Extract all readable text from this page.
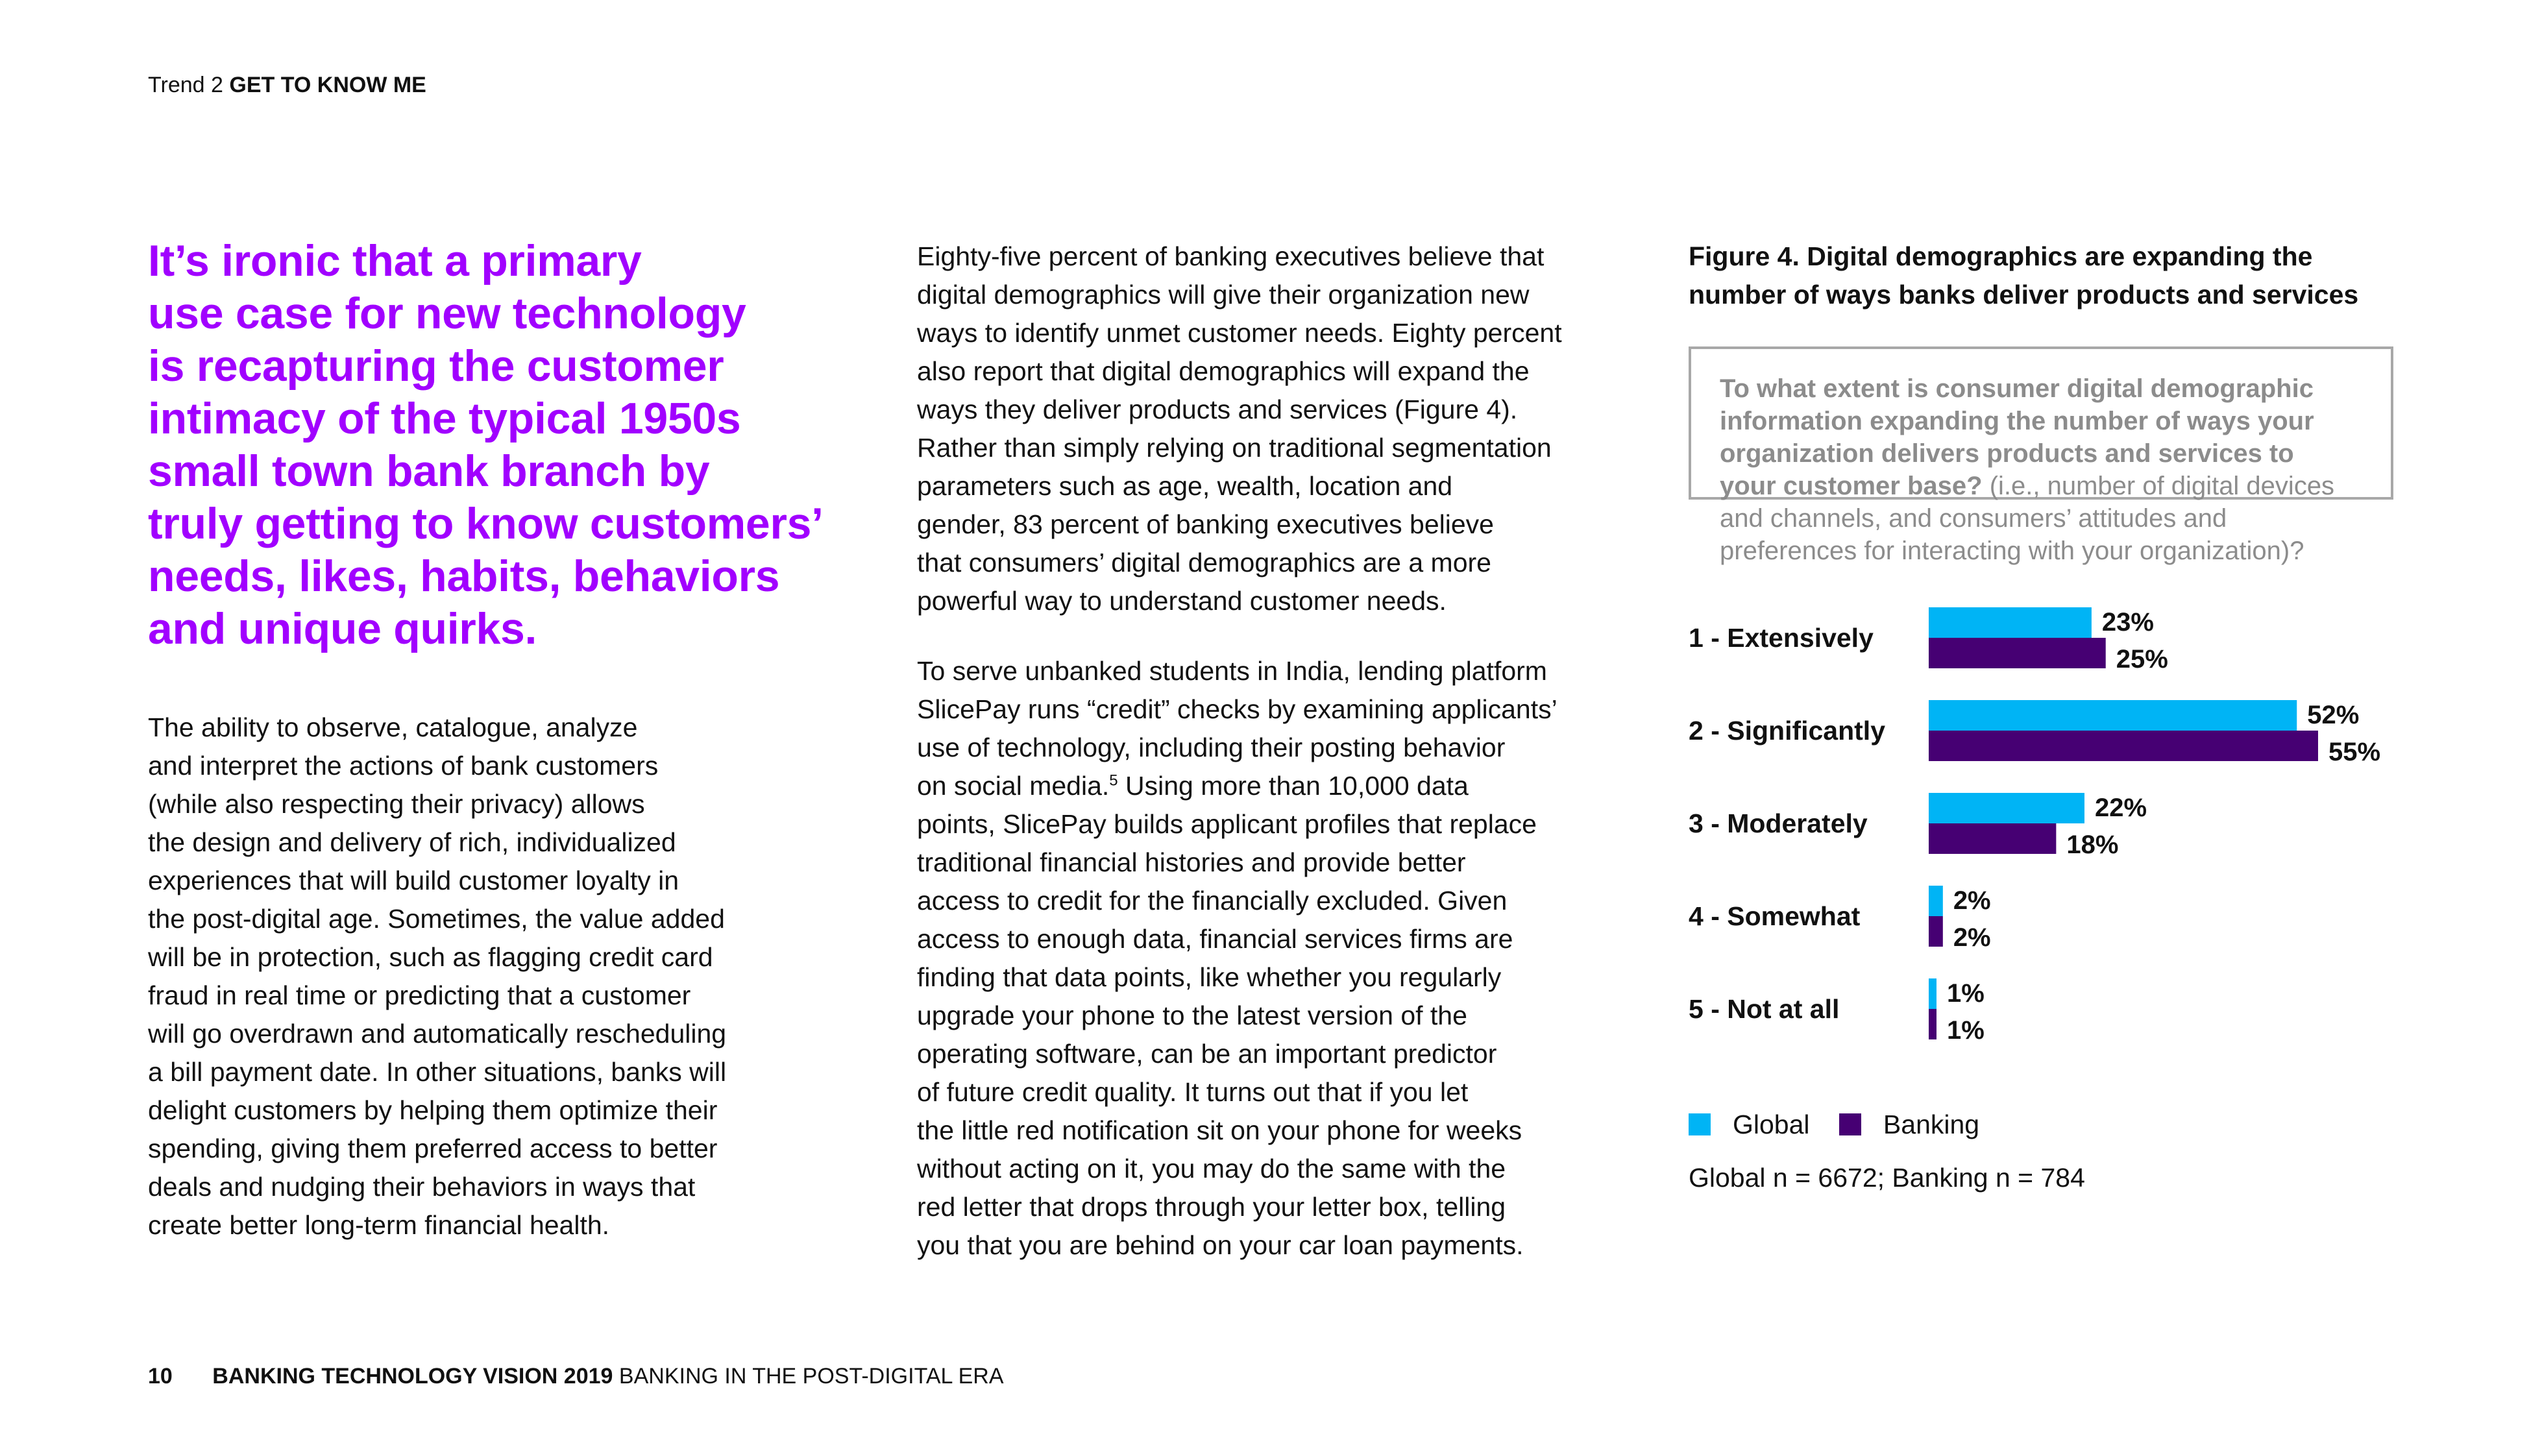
Trend 2 GET TO KNOW ME
It’s ironic that a primary
use case for new technology
is recapturing the customer
intimacy of the typical 1950s
small town bank branch by
truly getting to know customers’
needs, likes, habits, behaviors
and unique quirks.

The ability to observe, catalogue, analyze
and interpret the actions of bank customers
(while also respecting their privacy) allows
the design and delivery of rich, individualized
experiences that will build customer loyalty in
the post-digital age. Sometimes, the value added
will be in protection, such as flagging credit card
fraud in real time or predicting that a customer
will go overdrawn and automatically rescheduling
a bill payment date. In other situations, banks will
delight customers by helping them optimize their
spending, giving them preferred access to better
deals and nudging their behaviors in ways that
create better long-term financial health.

Eighty-five percent of banking executives believe that
digital demographics will give their organization new
ways to identify unmet customer needs. Eighty percent
also report that digital demographics will expand the
ways they deliver products and services (Figure 4).
Rather than simply relying on traditional segmentation
parameters such as age, wealth, location and
gender, 83 percent of banking executives believe
that consumers’ digital demographics are a more
powerful way to understand customer needs.

To serve unbanked students in India, lending platform
SlicePay runs “credit” checks by examining applicants’
use of technology, including their posting behavior
on social media.$^5$ Using more than 10,000 data
points, SlicePay builds applicant profiles that replace
traditional financial histories and provide better
access to credit for the financially excluded. Given
access to enough data, financial services firms are
finding that data points, like whether you regularly
upgrade your phone to the latest version of the
operating software, can be an important predictor
of future credit quality. It turns out that if you let
the little red notification sit on your phone for weeks
without acting on it, you may do the same with the
red letter that drops through your letter box, telling
you that you are behind on your car loan payments.

Figure 4. Digital demographics are expanding the
number of ways banks deliver products and services
To what extent is consumer digital demographic
information expanding the number of ways your
organization delivers products and services to
your customer base? (i.e., number of digital devices
and channels, and consumers’ attitudes and
preferences for interacting with your organization)?
1 - Extensively
23%
25%
2 - Significantly
52%
55%
3 - Moderately
22%
18%
4 - Somewhat
2%
2%
5 - Not at all
1%
1%
Global	Banking
Global n = 6672; Banking n = 784
10 BANKING TECHNOLOGY VISION 2019 BANKING IN THE POST-DIGITAL ERA
